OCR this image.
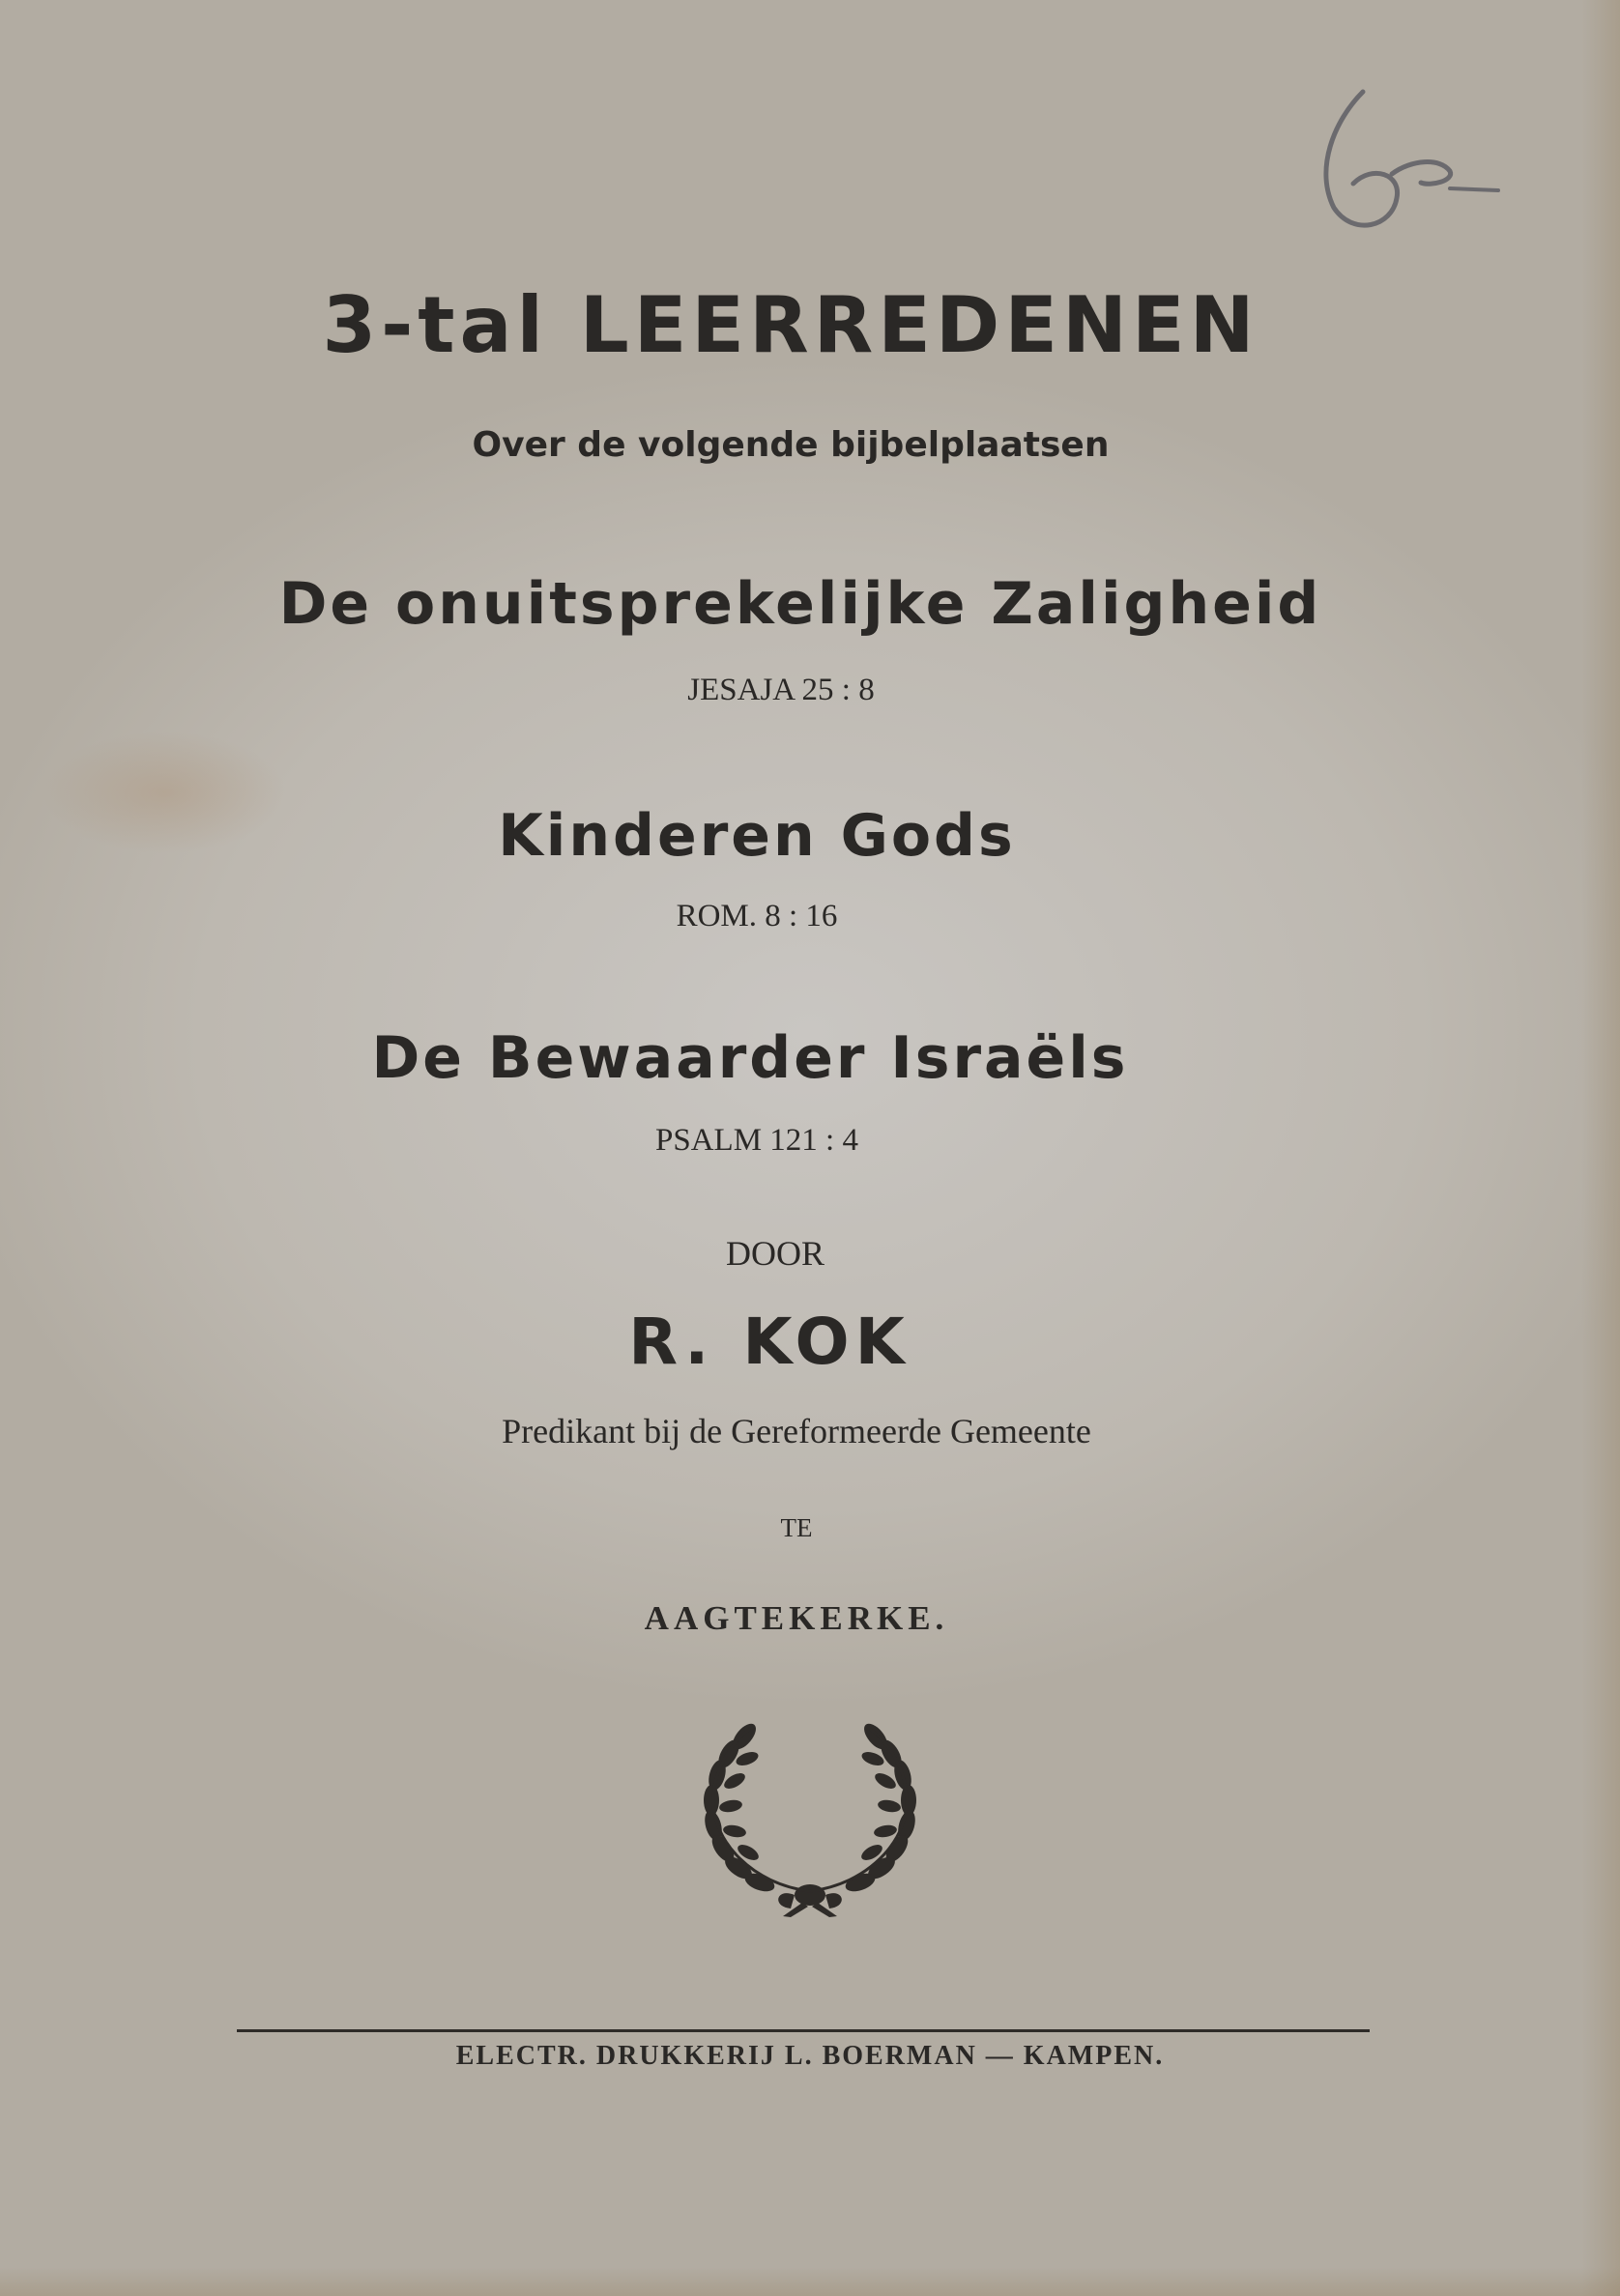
3-tal LEERREDENEN
Over de volgende bijbelplaatsen
De onuitsprekelijke Zaligheid
JESAJA 25 : 8
Kinderen Gods
ROM. 8 : 16
De Bewaarder Israëls
PSALM 121 : 4
DOOR
R. KOK
Predikant bij de Gereformeerde Gemeente
TE
AAGTEKERKE.
ELECTR. DRUKKERIJ L. BOERMAN — KAMPEN.
